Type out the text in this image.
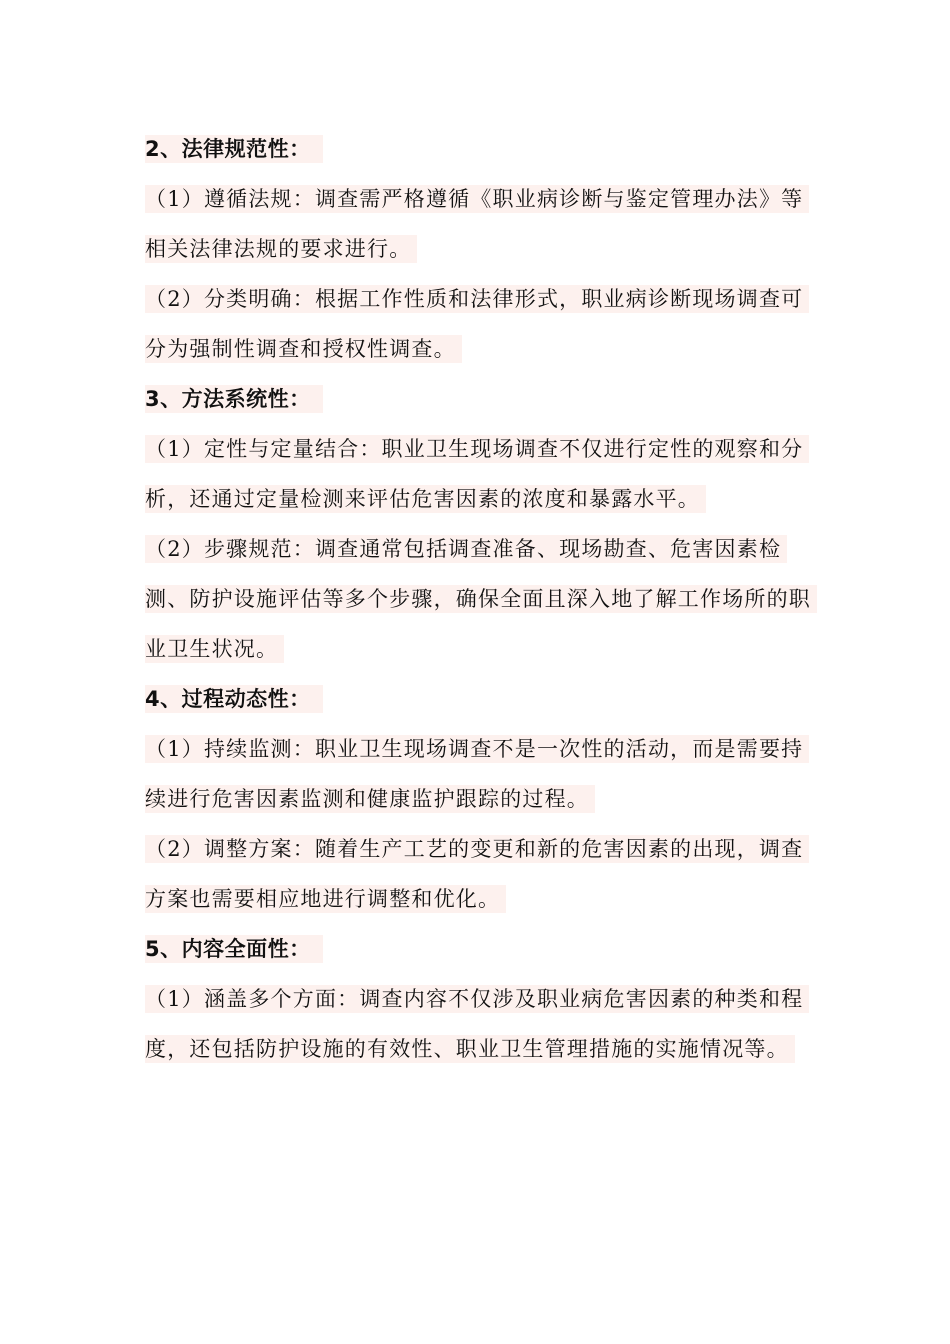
2、法律规范性：

（1）遵循法规：调查需严格遵循《职业病诊断与鉴定管理办法》等相关法律法规的要求进行。

（2）分类明确：根据工作性质和法律形式，职业病诊断现场调查可分为强制性调查和授权性调查。

3、方法系统性：

（1）定性与定量结合：职业卫生现场调查不仅进行定性的观察和分析，还通过定量检测来评估危害因素的浓度和暴露水平。

（2）步骤规范：调查通常包括调查准备、现场勘查、危害因素检测、防护设施评估等多个步骤，确保全面且深入地了解工作场所的职业卫生状况。

4、过程动态性：

（1）持续监测：职业卫生现场调查不是一次性的活动，而是需要持续进行危害因素监测和健康监护跟踪的过程。

（2）调整方案：随着生产工艺的变更和新的危害因素的出现，调查方案也需要相应地进行调整和优化。

5、内容全面性：

（1）涵盖多个方面：调查内容不仅涉及职业病危害因素的种类和程度，还包括防护设施的有效性、职业卫生管理措施的实施情况等。
